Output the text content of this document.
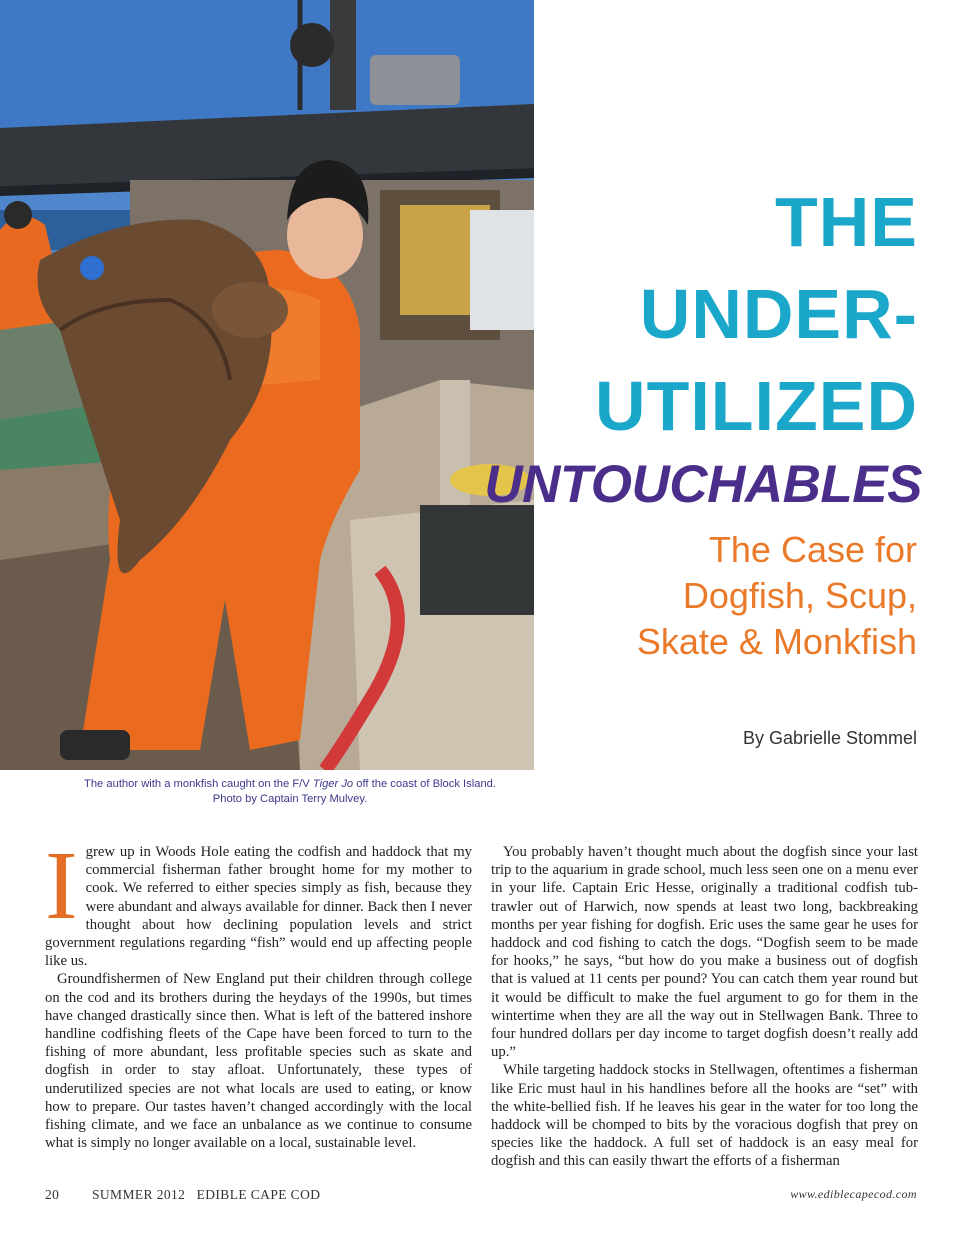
The author with a monkfish caught on the F/V Tiger Jo off the coast of Block Island.
Photo by Captain Terry Mulvey.
THE
UNDER-
UTILIZED
UNTOUCHABLES
The Case for Dogfish, Scup, Skate & Monkfish
By Gabrielle Stommel

Igrew up in Woods Hole eating the codfish and haddock that my commercial fisherman father brought home for my mother to cook. We referred to either species simply as fish, because they were abundant and always available for dinner. Back then I never thought about how declining population levels and strict government regulations regarding “fish” would end up affecting people like us.

Groundfishermen of New England put their children through college on the cod and its brothers during the heydays of the 1990s, but times have changed drastically since then. What is left of the battered inshore handline codfishing fleets of the Cape have been forced to turn to the fishing of more abundant, less profitable species such as skate and dogfish in order to stay afloat. Unfortunately, these types of underutilized species are not what locals are used to eating, or know how to prepare. Our tastes haven’t changed accordingly with the local fishing climate, and we face an unbalance as we continue to consume what is simply no longer available on a local, sustainable level.

You probably haven’t thought much about the dogfish since your last trip to the aquarium in grade school, much less seen one on a menu ever in your life. Captain Eric Hesse, originally a traditional codfish tub-trawler out of Harwich, now spends at least two long, backbreaking months per year fishing for dogfish. Eric uses the same gear he uses for haddock and cod fishing to catch the dogs. “Dogfish seem to be made for hooks,” he says, “but how do you make a business out of dogfish that is valued at 11 cents per pound? You can catch them year round but it would be difficult to make the fuel argument to go for them in the wintertime when they are all the way out in Stellwagen Bank. Three to four hundred dollars per day income to target dogfish doesn’t really add up.”

While targeting haddock stocks in Stellwagen, oftentimes a fisherman like Eric must haul in his handlines before all the hooks are “set” with the white-bellied fish. If he leaves his gear in the water for too long the haddock will be chomped to bits by the voracious dogfish that prey on species like the haddock. A full set of haddock is an easy meal for dogfish and this can easily thwart the efforts of a fisherman

20 SUMMER 2012   EDIBLE CAPE COD	www.ediblecapecod.com
